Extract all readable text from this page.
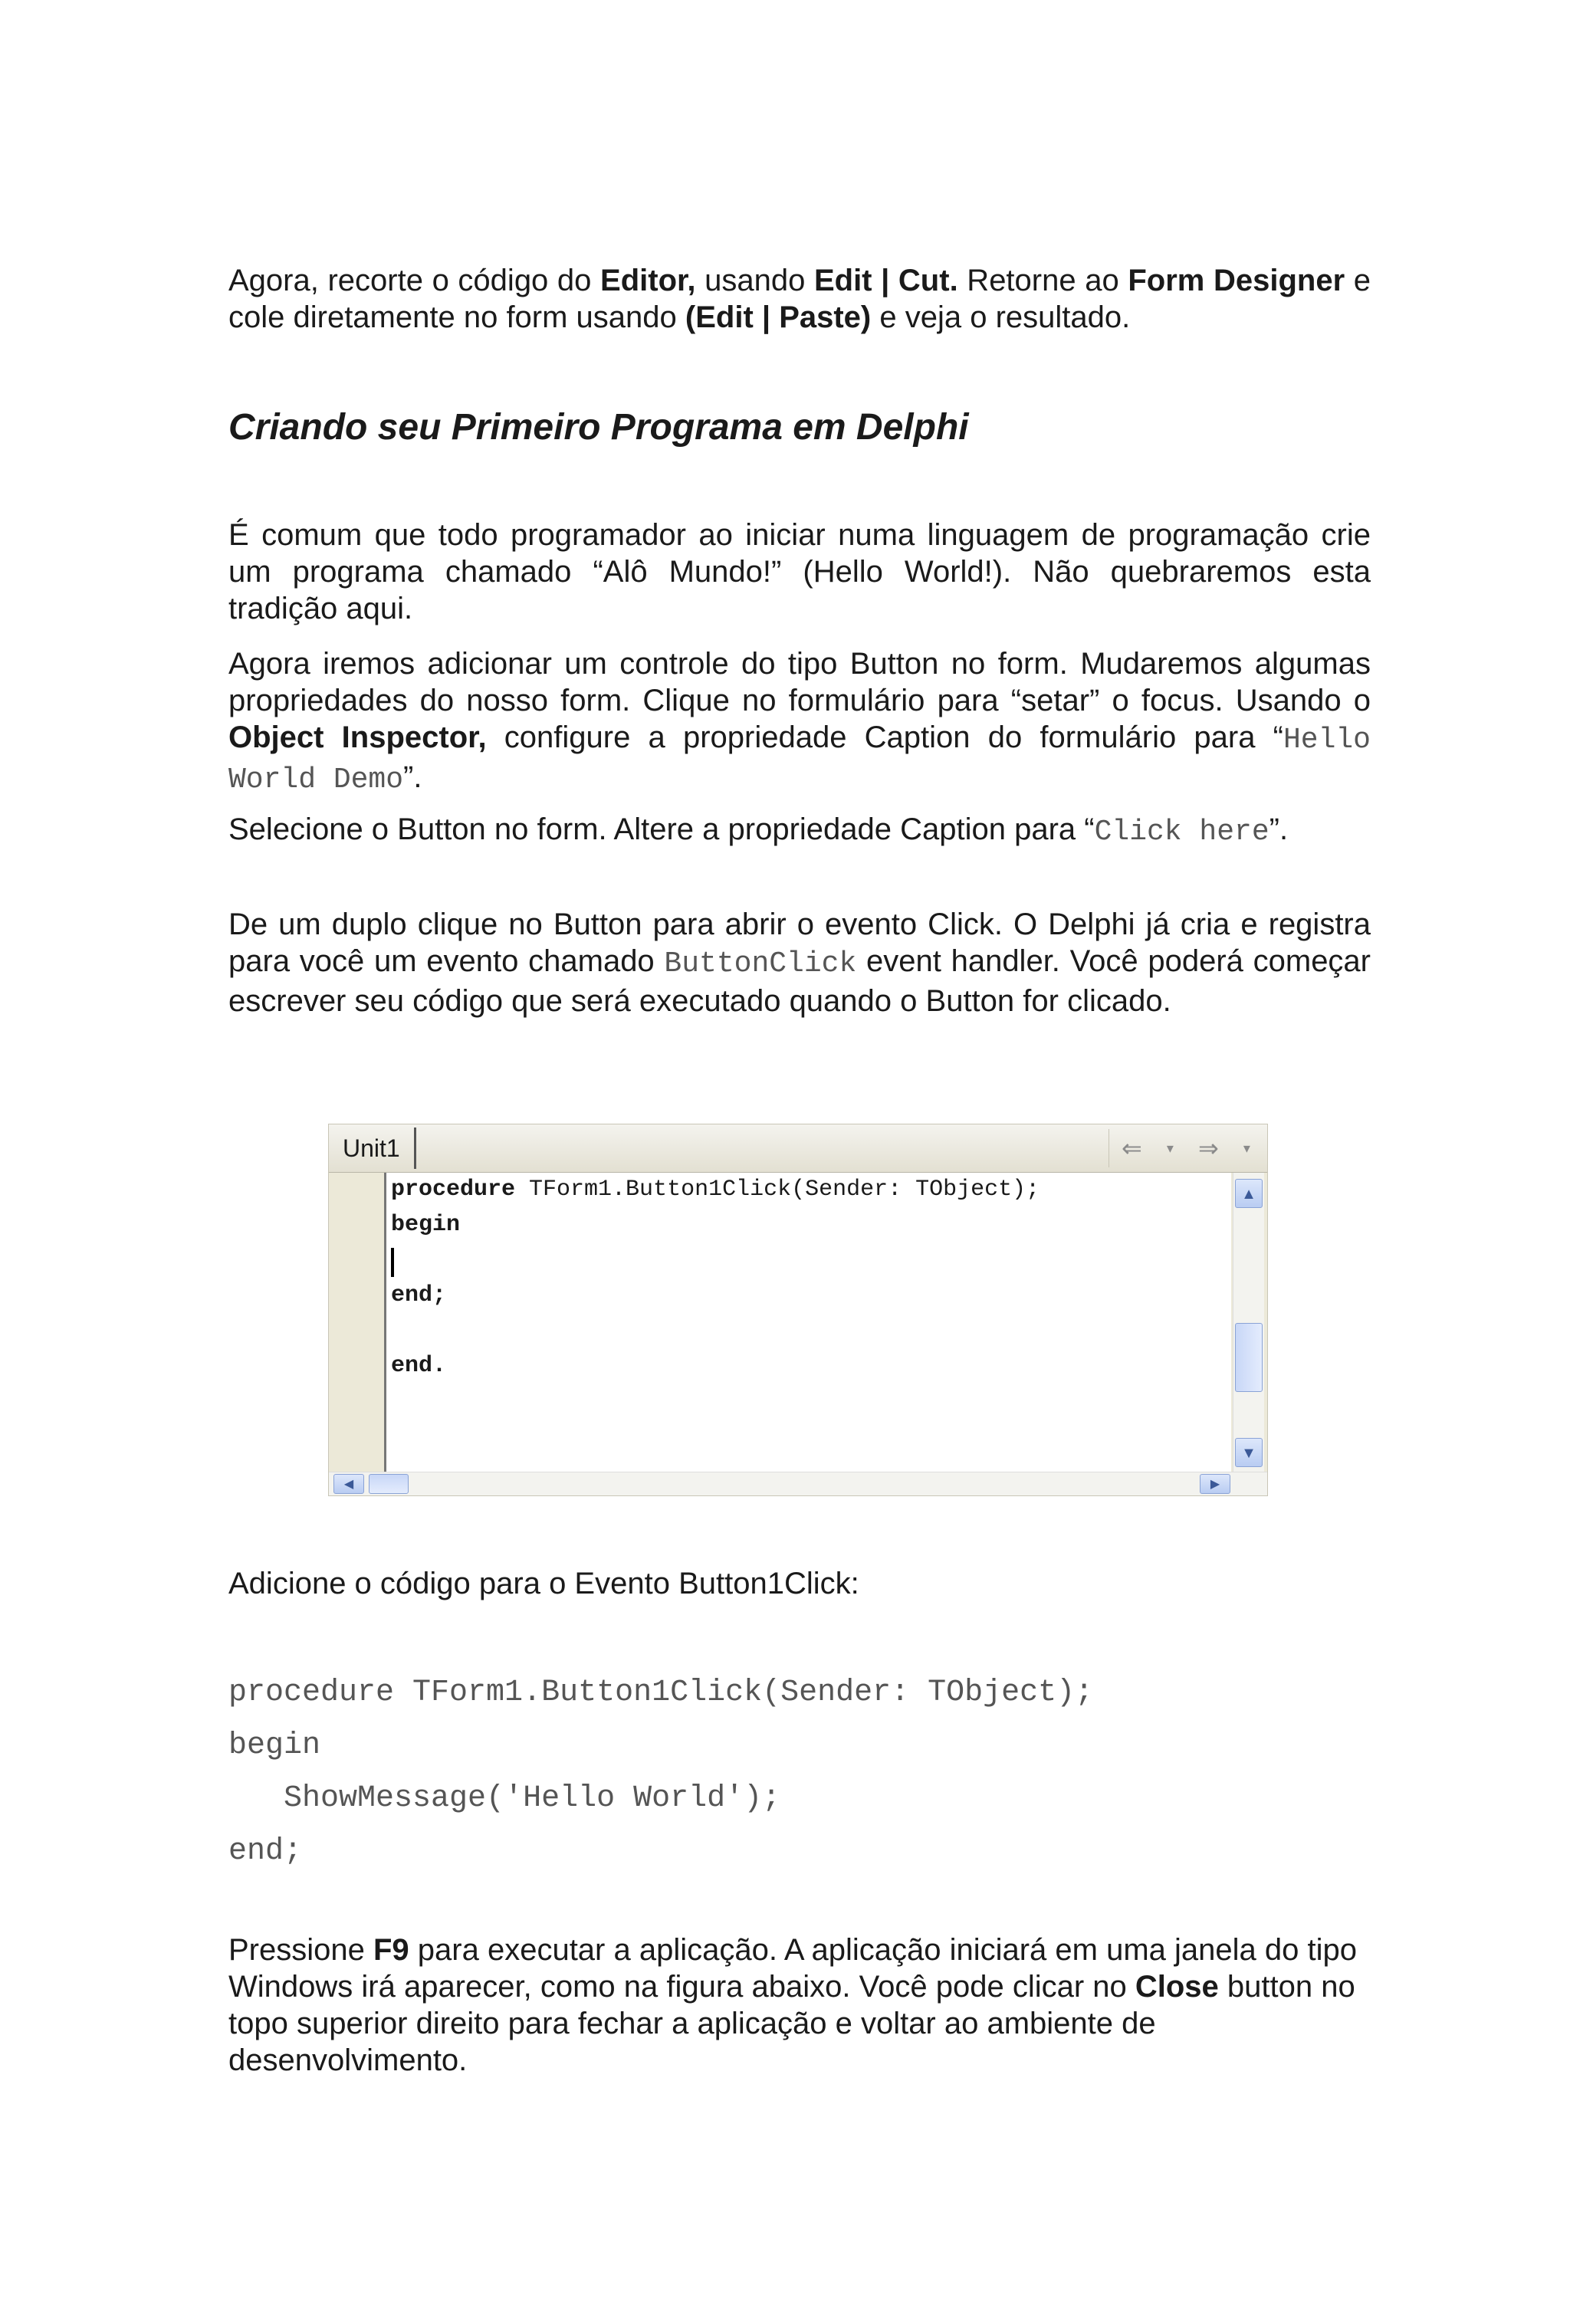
Agora, recorte o código do Editor, usando Edit | Cut. Retorne ao Form Designer e cole diretamente no form usando (Edit | Paste) e veja o resultado.

Criando seu Primeiro Programa em Delphi

É comum que todo programador ao iniciar numa linguagem de programação crie um programa chamado “Alô Mundo!” (Hello World!). Não quebraremos esta tradição aqui.

Agora iremos adicionar um controle do tipo Button no form. Mudaremos algumas propriedades do nosso form. Clique no formulário para “setar” o focus. Usando o Object Inspector, configure a propriedade Caption do formulário para “Hello World Demo”.

Selecione o Button no form. Altere a propriedade Caption para “Click here”.

De um duplo clique no Button para abrir o evento Click. O Delphi já cria e registra para você um evento chamado ButtonClick event handler. Você poderá começar escrever seu código que será executado quando o Button for clicado.

Adicione o código para o Evento Button1Click:

procedure TForm1.Button1Click(Sender: TObject);
begin
ShowMessage('Hello World');
end;

Pressione F9 para executar a aplicação. A aplicação iniciará em uma janela do tipo Windows irá aparecer, como na figura abaixo. Você pode clicar no Close button no topo superior direito para fechar a aplicação e voltar ao ambiente de desenvolvimento.

Unit1	⇐ ▾ ⇒ ▾
procedure TForm1.Button1Click(Sender: TObject);
begin
end;
end.
▲
▼
◀	▶
